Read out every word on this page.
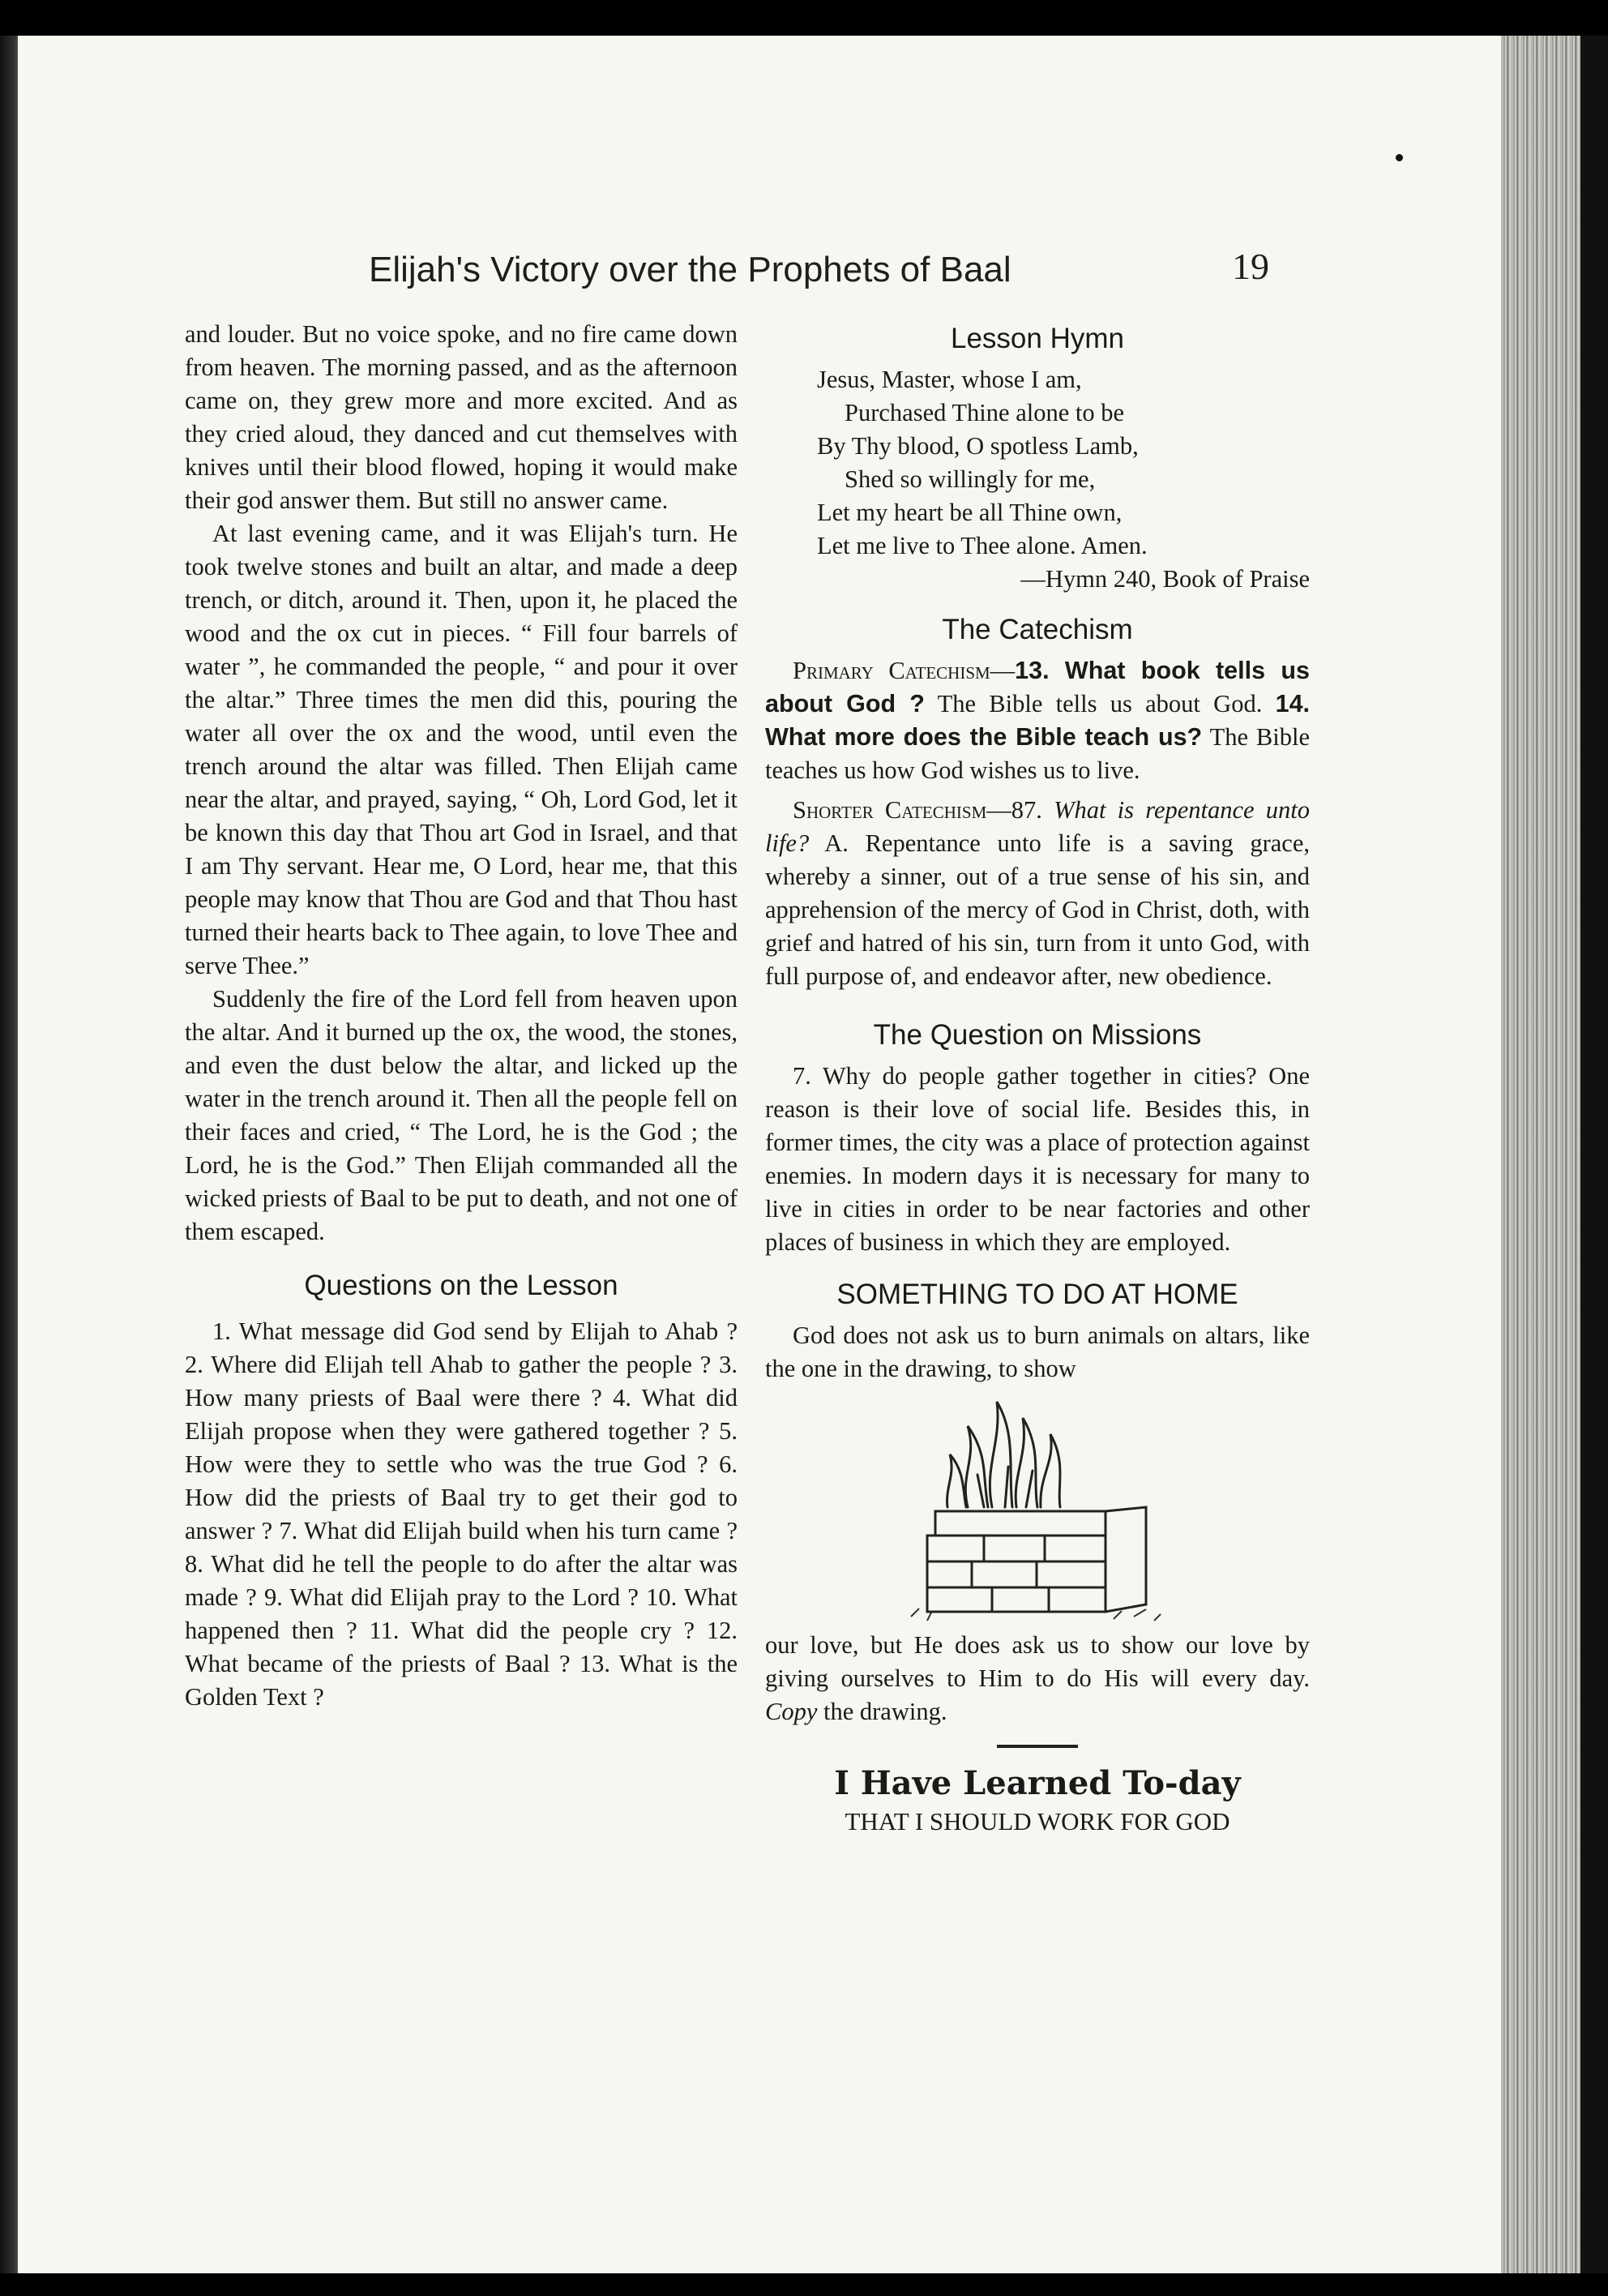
Elijah's Victory over the Prophets of Baal	19

and louder. But no voice spoke, and no fire came down from heaven. The morning passed, and as the afternoon came on, they grew more and more excited. And as they cried aloud, they danced and cut themselves with knives until their blood flowed, hoping it would make their god answer them. But still no answer came.

At last evening came, and it was Elijah's turn. He took twelve stones and built an altar, and made a deep trench, or ditch, around it. Then, upon it, he placed the wood and the ox cut in pieces. “ Fill four barrels of water ”, he commanded the people, “ and pour it over the altar.” Three times the men did this, pouring the water all over the ox and the wood, until even the trench around the altar was filled. Then Elijah came near the altar, and prayed, saying, “ Oh, Lord God, let it be known this day that Thou art God in Israel, and that I am Thy servant. Hear me, O Lord, hear me, that this people may know that Thou are God and that Thou hast turned their hearts back to Thee again, to love Thee and serve Thee.”

Suddenly the fire of the Lord fell from heaven upon the altar. And it burned up the ox, the wood, the stones, and even the dust below the altar, and licked up the water in the trench around it. Then all the people fell on their faces and cried, “ The Lord, he is the God ; the Lord, he is the God.” Then Elijah commanded all the wicked priests of Baal to be put to death, and not one of them escaped.

Questions on the Lesson

1. What message did God send by Elijah to Ahab ? 2. Where did Elijah tell Ahab to gather the people ? 3. How many priests of Baal were there ? 4. What did Elijah propose when they were gathered together ? 5. How were they to settle who was the true God ? 6. How did the priests of Baal try to get their god to answer ? 7. What did Elijah build when his turn came ? 8. What did he tell the people to do after the altar was made ? 9. What did Elijah pray to the Lord ? 10. What happened then ? 11. What did the people cry ? 12. What became of the priests of Baal ? 13. What is the Golden Text ?

Lesson Hymn
Jesus, Master, whose I am,
Purchased Thine alone to be
By Thy blood, O spotless Lamb,
Shed so willingly for me,
Let my heart be all Thine own,
Let me live to Thee alone. Amen.
—Hymn 240, Book of Praise
The Catechism

Primary Catechism—13. What book tells us about God ? The Bible tells us about God. 14. What more does the Bible teach us? The Bible teaches us how God wishes us to live.

Shorter Catechism—87. What is repentance unto life? A. Repentance unto life is a saving grace, whereby a sinner, out of a true sense of his sin, and apprehension of the mercy of God in Christ, doth, with grief and hatred of his sin, turn from it unto God, with full purpose of, and endeavor after, new obedience.

The Question on Missions

7. Why do people gather together in cities? One reason is their love of social life. Besides this, in former times, the city was a place of protection against enemies. In modern days it is necessary for many to live in cities in order to be near factories and other places of business in which they are employed.

SOMETHING TO DO AT HOME

God does not ask us to burn animals on altars, like the one in the drawing, to show

our love, but He does ask us to show our love by giving ourselves to Him to do His will every day. Copy the drawing.

I Have Learned To-day
THAT I SHOULD WORK FOR GOD
